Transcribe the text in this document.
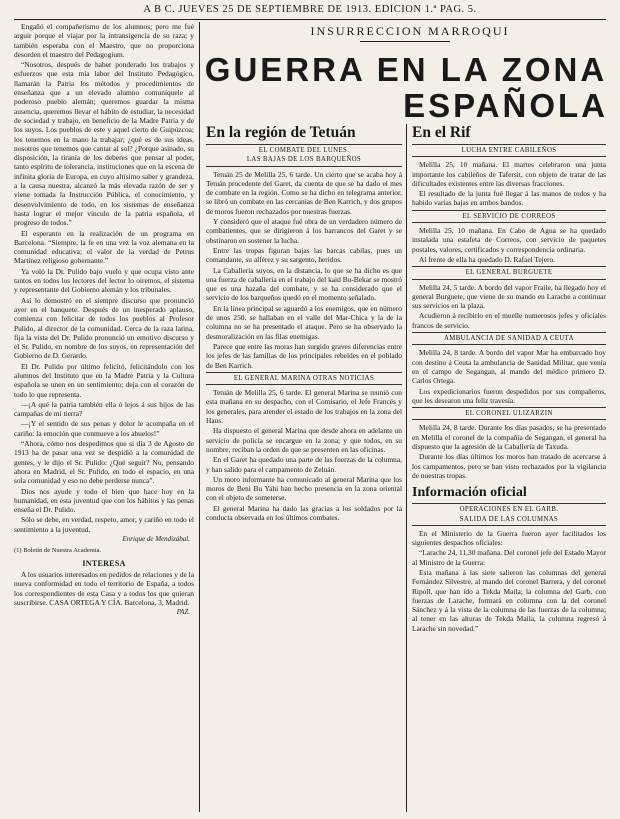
A B C. JUEVES 25 DE SEPTIEMBRE DE 1913. EDICION 1.ª PAG. 5.

Engañó el compañerismo de los alumnos; pero me fué arguir porque el viajar por la intransigencia de su raza; y también esperaba con el Maestro, que no proporciona desorden el maestro del Pedagogium.

“Nosotros, después de haber ponderado los trabajos y esfuerzos que esta mía labor del Instituto Pedagógico, llamarán la Patria los métodos y procedimientos de enseñanza que a un elevado alumno comuníquele al poderoso pueblo alemán; queremos guardar la misma ausencia, queremos llevar el hábito de estudiar, la necesidad de sociedad y trabajo, en beneficio de la Madre Patria y de los suyos. Los pueblos de este y aquel cierto de Guipúzcoa; los tenemos en la mano la trabajar; ¿qué es de sus ideas, nosotros que tenemos que cantar al sol? ¿Porque asinado, su disposición, la tiranía de los deberes que pensar al poder, tanto espíritu de tolerancia, instituciones que en la escena de infinita gloria de Europa, en cuyo altísimo saber y grandeza, a la causa nuestra, alcanzó la más elevada razón de ser y viene tomada la Instrucción Pública, el conocimiento, y desenvolvimiento de todo, en los sistemas de enseñanza hasta lograr el mejor vínculo de la patria española, el progreso de todos.”

El esperanto en la realización de un programa en Barcelona. “Siempre, la fe en una vez la voz alemana en la comunidad educativa; el valor de la verdad de Petrus Martínez religioso gobernante.”

Ya voló la Dr. Pulido bajo vuelo y que ocupa visto ante tantos en todos los lectores del lector lo oiremos, el sistema y representante del Gobierno alemán y los tribunales.

Así lo demostró en el siempre discurso que pronunció ayer en el banquete. Después de un inesperado aplauso, comienza con felicitar de todos los pueblos al Profesor Pulido, al director de la comunidad. Cerca de la raza latina, fija la vista del Dr. Pulido pronunció un emotivo discurso y el Sr. Pulido, en nombre de los suyos, en representación del Gobierno de D. Gerardo.

El Dr. Pulido por último felicitó, felicitándolo con los alumnos del Instituto que en la Madre Patria y la Cultura española se unen en un sentimiento; deja con el corazón de todo lo que representa.

—¡A qué la patria también ella ó lejos á sus hijos de las campañas de mí tierra?

—¡Y el sentido de sus penas y dolor le acompaña en el cariño: la emoción que conmueve a los abuelos!”

“Ahora, cómo nos despedimos que si día 3 de Agosto de 1913 ha de pasar una vez se despidió a la comunidad de gentes, y le dijo el Sr. Pulido: ¿Qué seguir? No, pensando ahora en Madrid, el Sr. Pulido, en todo el espacio, en una sola comunidad y eso no debe perderse nunca”.

Dios nos ayude y todo el bien que hace hoy en la humanidad, en esta juventud que con los hábitos y las penas enseña el Dr. Pulido.

Sólo se debe, en verdad, respeto, amor, y cariño en todo el sentimiento a la juventud.

Enrique de Mendizábal.
(1) Boletín de Nuestra Academia.
INTERESA

A los usuarios interesados en pedidos de relaciones y de la nueva conformidad en todo el territorio de España, a todos los correspondientes de esta Casa y a todos los que quieran suscribirse. CASA ORTEGA Y CÍA. Barcelona, 3, Madrid.

PAZ.
INSURRECCION MARROQUI
GUERRA EN LA ZONA
ESPAÑOLA
En la región de Tetuán
EL COMBATE DEL LUNES.
LAS BAJAS DE LOS BARQUEÑOS

Tetuán 25 de Melilla 25, 6 tarde. Un cierto que se acaba hoy á Tetuán procedente del Garet, da cuenta de que se ha dado el mes de combate en la región. Como se ha dicho en telegrama anterior, se libró un combate en las cercanías de Ben Karrich, y dos grupos de moros fueron rechazados por nuestras fuerzas.

Y consideró que el ataque fué obra de un verdadero número de combatientes, que se dirigieron á los barrancos del Garet y se obstinaron en sostener la lucha.

Entre las tropas figuran bajas las barcas cabilas, pues un comandante, su alférez y su sargento, heridos.

La Caballería suyos, en la distancia, lo que se ha dicho es que una fuerza de caballería en el trabajo del kaid Bu-Bekar se mostró que es una hazaña del combate, y se ha considerado que el servicio de los barqueños quedó en el momento señalado.

En la línea principal se aguardó a los enemigos, que en número de unos 250, se hallaban en el valle del Mar-Chica y la de la columna no se ha presentado el ataque. Pero se ha observado la desmoralización en las filas enemigas.

Parece que entre las moras han surgido graves diferencias entre los jefes de las familias de los principales rebeldes en el poblado de Ben Karrich.

EL GENERAL MARINA OTRAS NOTICIAS

Tetuán de Melilla 25, 6 tarde. El general Marina se reunió con esta mañana en su despacho, con el Comisario, el Jefe Francés y los generales, para atender el estado de los trabajos en la zona del Haus.

Ha dispuesto el general Marina que desde ahora en adelante un servicio de policía se encargue en la zona; y que todos, en su nombre, reciban la orden de que se presenten en las oficinas.

En el Garet ha quedado una parte de las fuerzas de la columna, y han salido para el campamento de Zeluán.

Un moro informante ha comunicado al general Marina que los moros de Beni Bu Yahi han hecho presencia en la zona oriental con el objeto de someterse.

El general Marina ha dado las gracias a los soldados por la conducta observada en los últimos combates.

En el Rif
LUCHA ENTRE CABILEÑOS

Melilla 25, 10 mañana. El martes celebraron una junta importante los cabileños de Tafersit, con objeto de tratar de las dificultades existentes entre las diversas fracciones.

El resultado de la junta fué llegar á las manos de todos y ha habido varias bajas en ambos bandos.

EL SERVICIO DE CORREOS

Melilla 25, 10 mañana. En Cabo de Agua se ha quedado instalada una estafeta de Correos, con servicio de paquetes postales, valores, certificados y correspondencia ordinaria.

Al frente de ella ha quedado D. Rafael Tejero.

EL GENERAL BURGUETE

Melilla 24, 5 tarde. A bordo del vapor Fraile, ha llegado hoy el general Burguete, que viene de su mando en Larache a continuar sus servicios en la plaza.

Acudieron á recibirlo en el muelle numerosos jefes y oficiales francos de servicio.

AMBULANCIA DE SANIDAD A CEUTA

Melilla 24, 8 tarde. A bordo del vapor Mar ha embarcado hoy con destino á Ceuta la ambulancia de Sanidad Militar, que venía en el campo de Segangan, al mando del médico primero D. Carlos Ortega.

Los expedicionarios fueron despedidos por sus compañeros, que les desearon una feliz travesía.

EL CORONEL ULIZARZIN

Melilla 24, 8 tarde. Durante los días pasados, se ha presentado en Melilla el coronel de la compañía de Segangan, el general ha dispuesto que la agresión de la Caballería de Taxuda.

Durante los días últimos los moros han tratado de acercarse á los campamentos, pero se han visto rechazados por la vigilancia de nuestras tropas.

Información oficial
OPERACIONES EN EL GARB.
SALIDA DE LAS COLUMNAS

En el Ministerio de la Guerra fueron ayer facilitados los siguientes despachos oficiales:

“Larache 24, 11,30 mañana. Del coronel jefe del Estado Mayor al Ministro de la Guerra:

Esta mañana á las siete salieron las columnas del general Fernández Silvestre, al mando del coronel Barrera, y del coronel Ripoll, que han ido a Tekda Maila; la columna del Garb, con fuerzas de Larache, formará en columna con la del coronel Sánchez y á la vista de la columna de las fuerzas de la columna; al tener en las alturas de Tekda Maila, la columna regresó á Larache sin novedad.”
